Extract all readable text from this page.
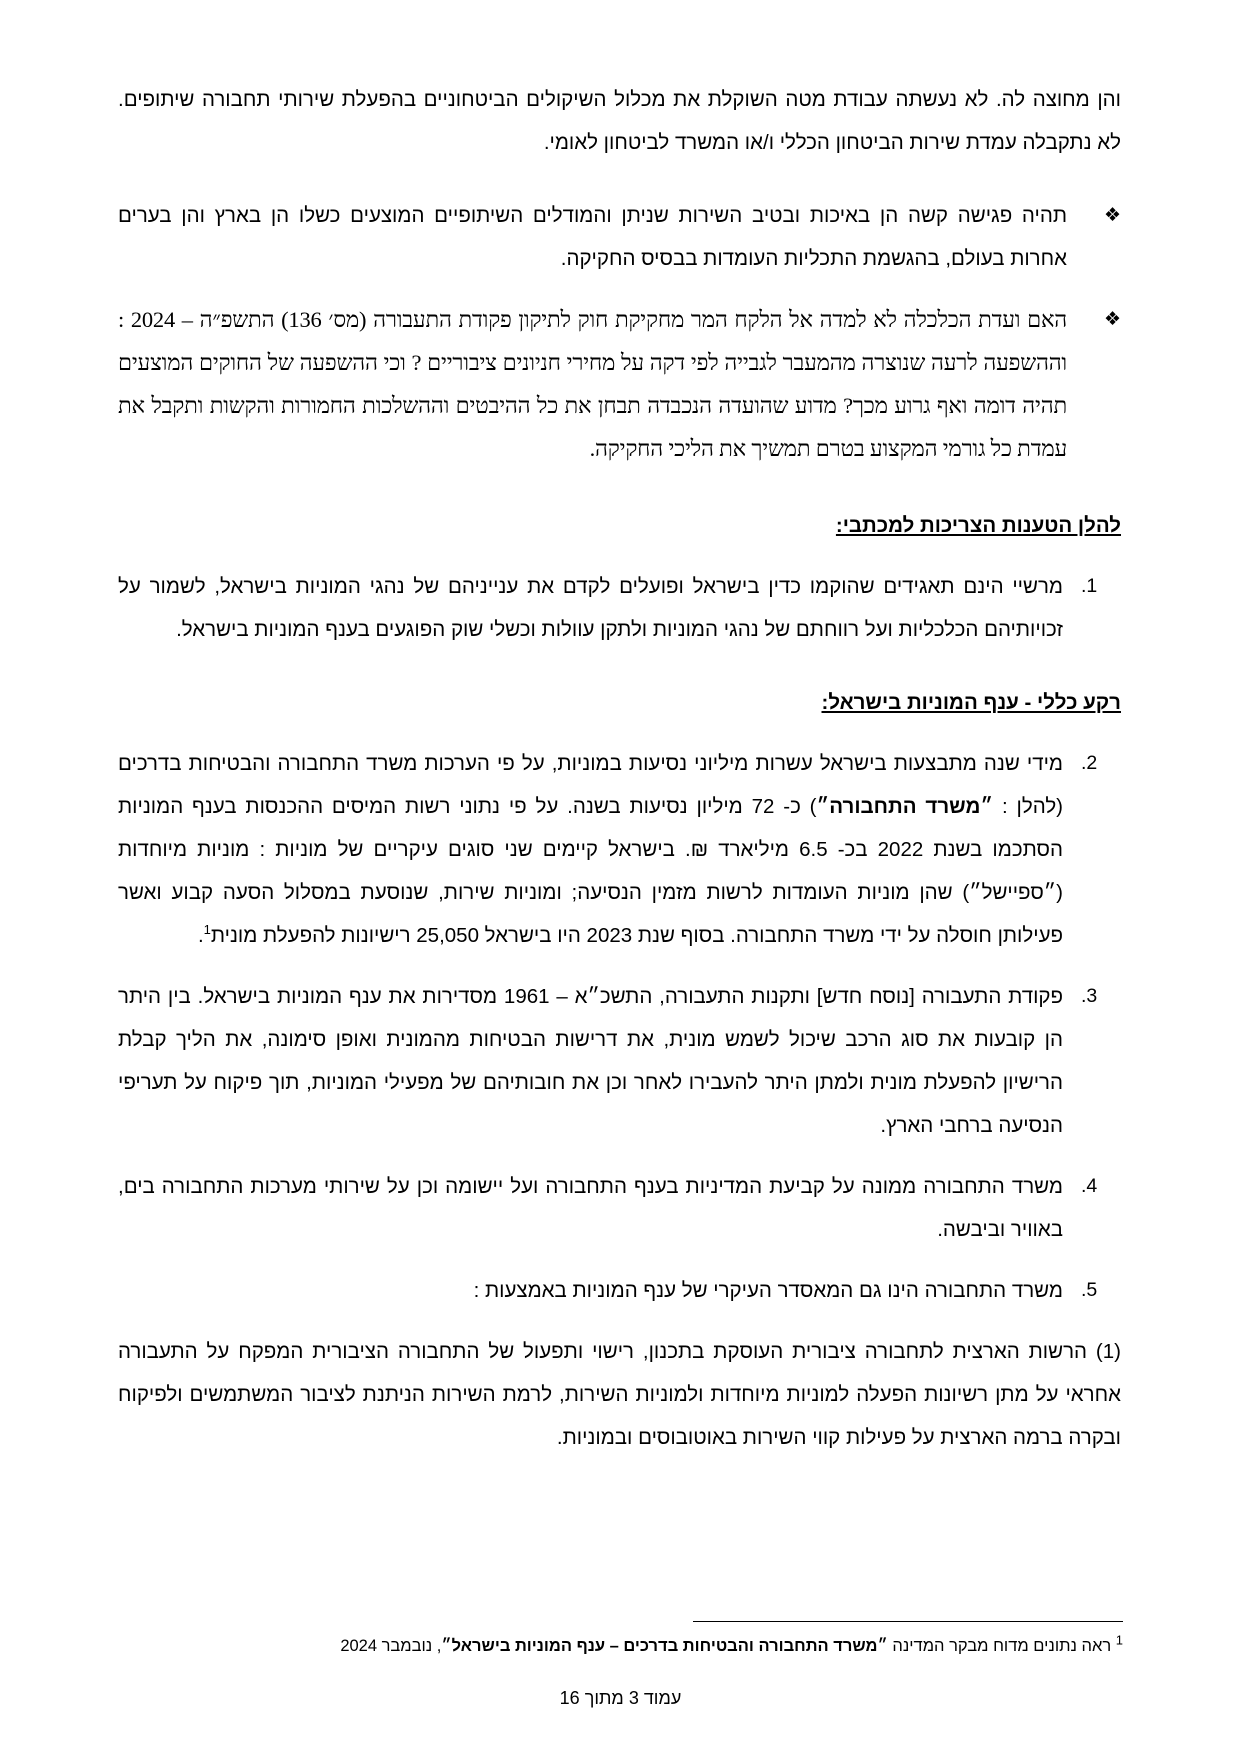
והן מחוצה לה. לא נעשתה עבודת מטה השוקלת את מכלול השיקולים הביטחוניים בהפעלת שירותי תחבורה שיתופים. לא נתקבלה עמדת שירות הביטחון הכללי ו/או המשרד לביטחון לאומי.
❖
תהיה פגישה קשה הן באיכות ובטיב השירות שניתן והמודלים השיתופיים המוצעים כשלו הן בארץ והן בערים אחרות בעולם, בהגשמת התכליות העומדות בבסיס החקיקה.
❖
האם ועדת הכלכלה לא למדה אל הלקח המר מחקיקת חוק לתיקון פקודת התעבורה (מס׳ 136) התשפ״ה – 2024 : וההשפעה לרעה שנוצרה מהמעבר לגבייה לפי דקה על מחירי חניונים ציבוריים ? וכי ההשפעה של החוקים המוצעים תהיה דומה ואף גרוע מכך? מדוע שהועדה הנכבדה תבחן את כל ההיבטים וההשלכות החמורות והקשות ותקבל את עמדת כל גורמי המקצוע בטרם תמשיך את הליכי החקיקה.
להלן הטענות הצריכות למכתבי:
.1
מרשיי הינם תאגידים שהוקמו כדין בישראל ופועלים לקדם את ענייניהם של נהגי המוניות בישראל, לשמור על זכויותיהם הכלכליות ועל רווחתם של נהגי המוניות ולתקן עוולות וכשלי שוק הפוגעים בענף המוניות בישראל.
רקע כללי - ענף המוניות בישראל:
.2
מידי שנה מתבצעות בישראל עשרות מיליוני נסיעות במוניות, על פי הערכות משרד התחבורה והבטיחות בדרכים (להלן : ״משרד התחבורה״) כ- 72 מיליון נסיעות בשנה. על פי נתוני רשות המיסים ההכנסות בענף המוניות הסתכמו בשנת 2022 בכ- 6.5 מיליארד ₪. בישראל קיימים שני סוגים עיקריים של מוניות : מוניות מיוחדות (״ספיישל״) שהן מוניות העומדות לרשות מזמין הנסיעה; ומוניות שירות, שנוסעת במסלול הסעה קבוע ואשר פעילותן חוסלה על ידי משרד התחבורה. בסוף שנת 2023 היו בישראל 25,050 רישיונות להפעלת מונית$^1$.
.3
פקודת התעבורה [נוסח חדש] ותקנות התעבורה, התשכ״א – 1961 מסדירות את ענף המוניות בישראל. בין היתר הן קובעות את סוג הרכב שיכול לשמש מונית, את דרישות הבטיחות מהמונית ואופן סימונה, את הליך קבלת הרישיון להפעלת מונית ולמתן היתר להעבירו לאחר וכן את חובותיהם של מפעילי המוניות, תוך פיקוח על תעריפי הנסיעה ברחבי הארץ.
.4
משרד התחבורה ממונה על קביעת המדיניות בענף התחבורה ועל יישומה וכן על שירותי מערכות התחבורה בים, באוויר וביבשה.
.5
משרד התחבורה הינו גם המאסדר העיקרי של ענף המוניות באמצעות :
(1) הרשות הארצית לתחבורה ציבורית העוסקת בתכנון, רישוי ותפעול של התחבורה הציבורית המפקח על התעבורה אחראי על מתן רשיונות הפעלה למוניות מיוחדות ולמוניות השירות, לרמת השירות הניתנת לציבור המשתמשים ולפיקוח ובקרה ברמה הארצית על פעילות קווי השירות באוטובוסים ובמוניות.
$^1$ ראה נתונים מדוח מבקר המדינה ״משרד התחבורה והבטיחות בדרכים – ענף המוניות בישראל״, נובמבר 2024
עמוד 3 מתוך 16
